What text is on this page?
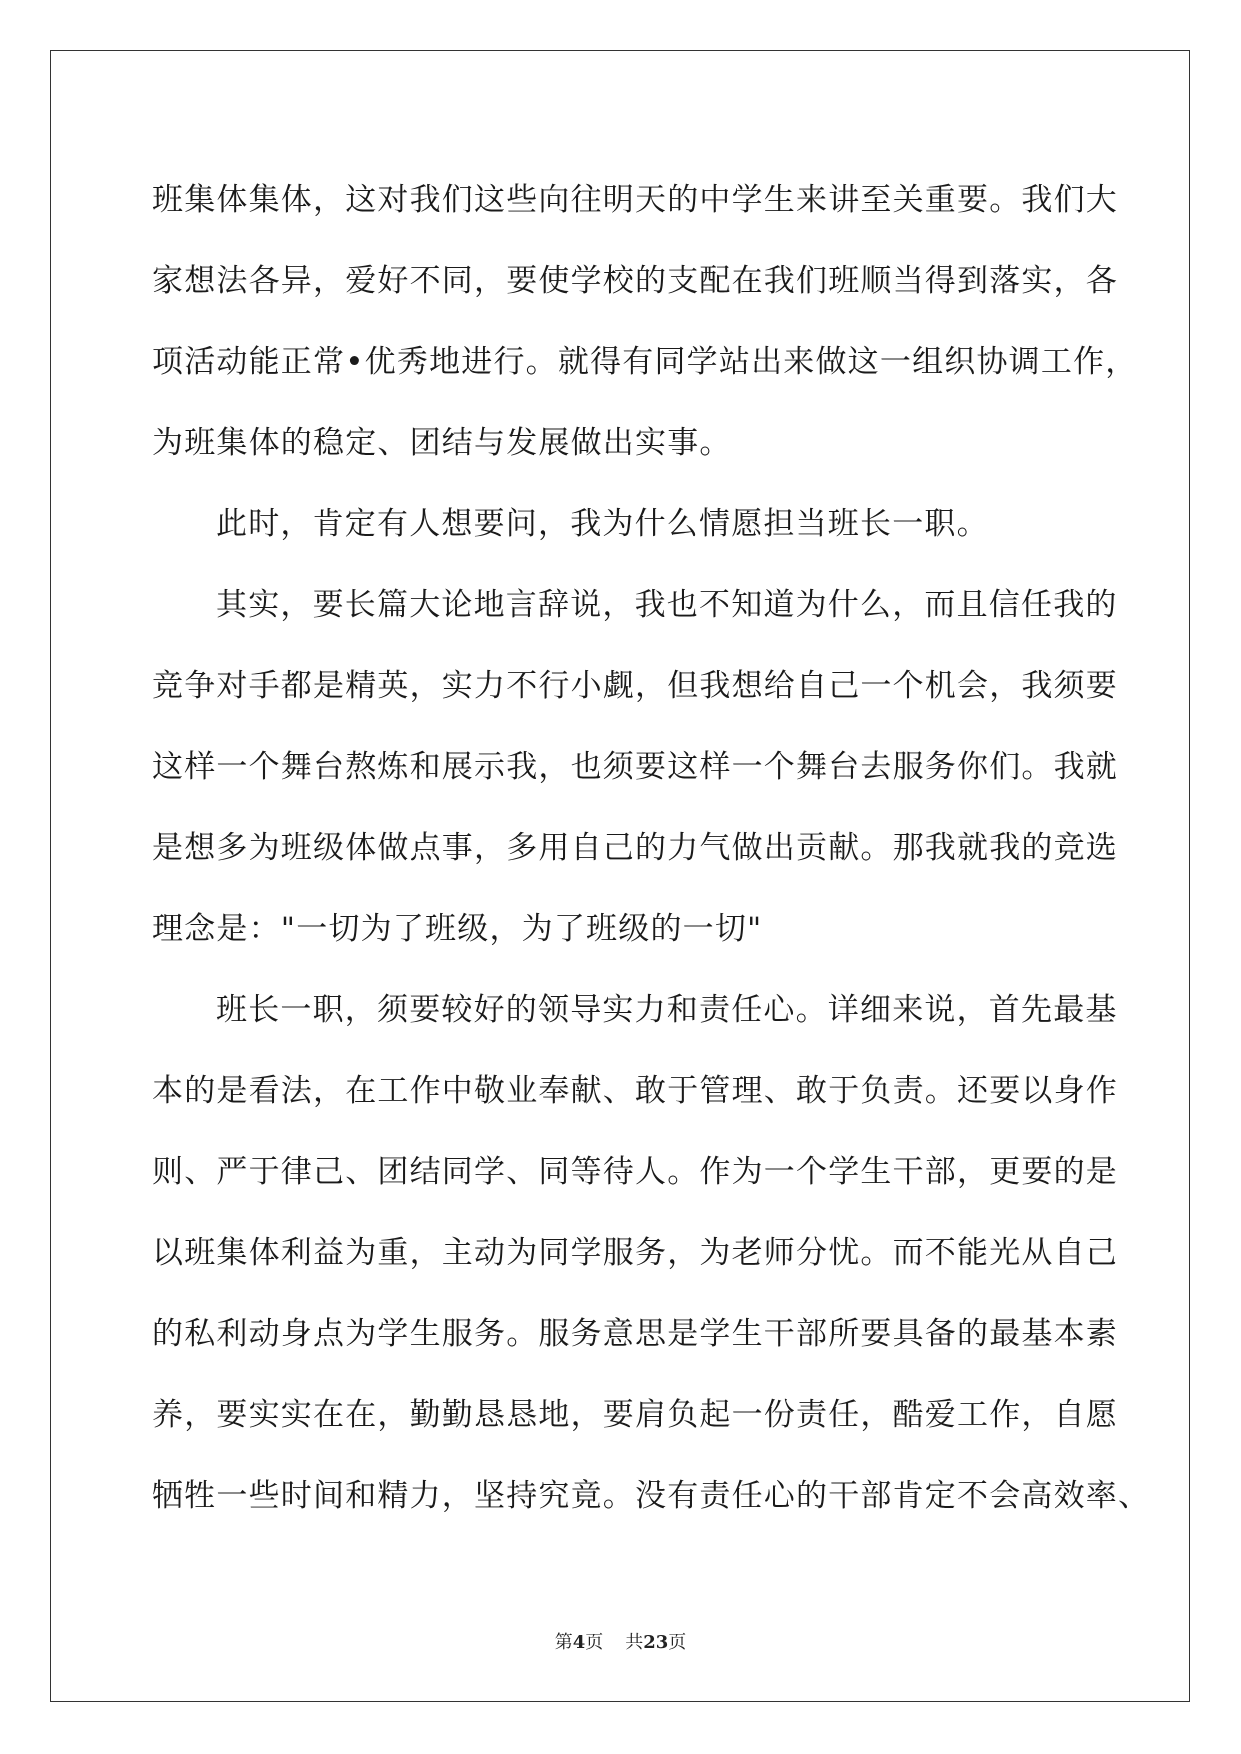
班集体集体，这对我们这些向往明天的中学生来讲至关重要。我们大
家想法各异，爱好不同，要使学校的支配在我们班顺当得到落实，各
项活动能正常•优秀地进行。就得有同学站出来做这一组织协调工作，
为班集体的稳定、团结与发展做出实事。
此时，肯定有人想要问，我为什么情愿担当班长一职。
其实，要长篇大论地言辞说，我也不知道为什么，而且信任我的
竞争对手都是精英，实力不行小觑，但我想给自己一个机会，我须要
这样一个舞台熬炼和展示我，也须要这样一个舞台去服务你们。我就
是想多为班级体做点事，多用自己的力气做出贡献。那我就我的竞选
理念是："一切为了班级，为了班级的一切"
班长一职，须要较好的领导实力和责任心。详细来说，首先最基
本的是看法，在工作中敬业奉献、敢于管理、敢于负责。还要以身作
则、严于律己、团结同学、同等待人。作为一个学生干部，更要的是
以班集体利益为重，主动为同学服务，为老师分忧。而不能光从自己
的私利动身点为学生服务。服务意思是学生干部所要具备的最基本素
养，要实实在在，勤勤恳恳地，要肩负起一份责任，酷爱工作，自愿
牺牲一些时间和精力，坚持究竟。没有责任心的干部肯定不会高效率、
第4页 共23页
